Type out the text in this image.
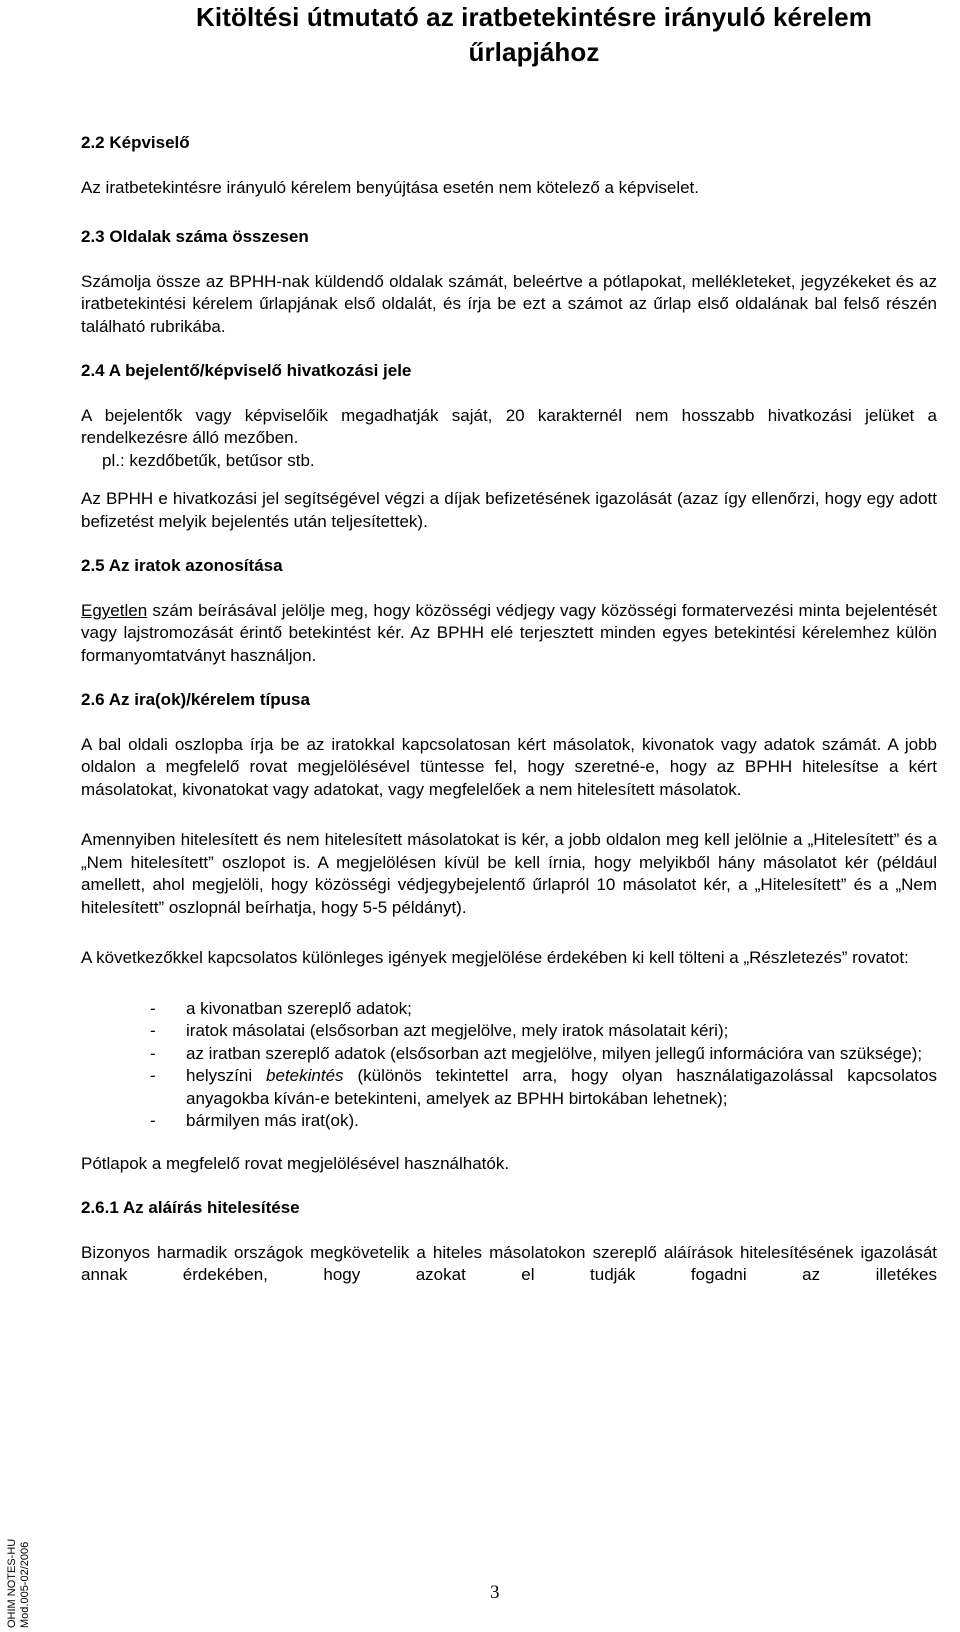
Kitöltési útmutató az iratbetekintésre irányuló kérelem űrlapjához
2.2 Képviselő

Az iratbetekintésre irányuló kérelem benyújtása esetén nem kötelező a képviselet.

2.3 Oldalak száma összesen

Számolja össze az BPHH-nak küldendő oldalak számát, beleértve a pótlapokat, mellékleteket, jegyzékeket és az iratbetekintési kérelem űrlapjának első oldalát, és írja be ezt a számot az űrlap első oldalának bal felső részén található rubrikába.

2.4 A bejelentő/képviselő hivatkozási jele

A bejelentők vagy képviselőik megadhatják saját, 20 karakternél nem hosszabb hivatkozási jelüket a rendelkezésre álló mezőben.

pl.: kezdőbetűk, betűsor stb.

Az BPHH e hivatkozási jel segítségével végzi a díjak befizetésének igazolását (azaz így ellenőrzi, hogy egy adott befizetést melyik bejelentés után teljesítettek).

2.5 Az iratok azonosítása

Egyetlen szám beírásával jelölje meg, hogy közösségi védjegy vagy közösségi formatervezési minta bejelentését vagy lajstromozását érintő betekintést kér. Az BPHH elé terjesztett minden egyes betekintési kérelemhez külön formanyomtatványt használjon.

2.6 Az ira(ok)/kérelem típusa

A bal oldali oszlopba írja be az iratokkal kapcsolatosan kért másolatok, kivonatok vagy adatok számát. A jobb oldalon a megfelelő rovat megjelölésével tüntesse fel, hogy szeretné-e, hogy az BPHH hitelesítse a kért másolatokat, kivonatokat vagy adatokat, vagy megfelelőek a nem hitelesített másolatok.

Amennyiben hitelesített és nem hitelesített másolatokat is kér, a jobb oldalon meg kell jelölnie a „Hitelesített” és a „Nem hitelesített” oszlopot is. A megjelölésen kívül be kell írnia, hogy melyikből hány másolatot kér (például amellett, ahol megjelöli, hogy közösségi védjegybejelentő űrlapról 10 másolatot kér, a „Hitelesített” és a „Nem hitelesített” oszlopnál beírhatja, hogy 5-5 példányt).

A következőkkel kapcsolatos különleges igények megjelölése érdekében ki kell tölteni a „Részletezés” rovatot:

- a kivonatban szereplő adatok;
- iratok másolatai (elsősorban azt megjelölve, mely iratok másolatait kéri);
- az iratban szereplő adatok (elsősorban azt megjelölve, milyen jellegű információra van szüksége);
- helyszíni betekintés (különös tekintettel arra, hogy olyan használatigazolással kapcsolatos anyagokba kíván-e betekinteni, amelyek az BPHH birtokában lehetnek);
- bármilyen más irat(ok).

Pótlapok a megfelelő rovat megjelölésével használhatók.

2.6.1 Az aláírás hitelesítése

Bizonyos harmadik országok megkövetelik a hiteles másolatokon szereplő aláírások hitelesítésének igazolását annak érdekében, hogy azokat el tudják fogadni az illetékes

OHIM NOTES-HU Mod.005-02/2006	3
